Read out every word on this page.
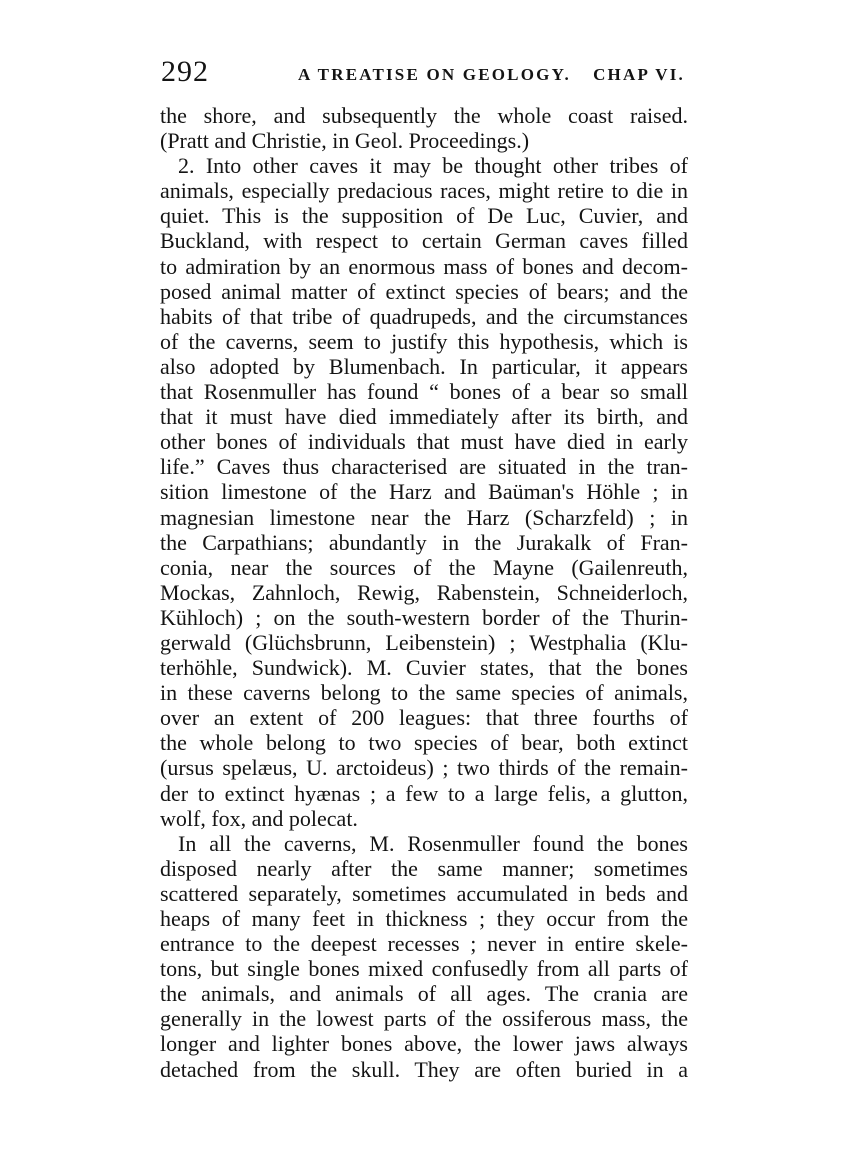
292	A TREATISE ON GEOLOGY. CHAP VI.
the shore, and subsequently the whole coast raised.
(Pratt and Christie, in Geol. Proceedings.)
2. Into other caves it may be thought other tribes of
animals, especially predacious races, might retire to die in
quiet. This is the supposition of De Luc, Cuvier, and
Buckland, with respect to certain German caves filled
to admiration by an enormous mass of bones and decom-
posed animal matter of extinct species of bears; and the
habits of that tribe of quadrupeds, and the circumstances
of the caverns, seem to justify this hypothesis, which is
also adopted by Blumenbach. In particular, it appears
that Rosenmuller has found “ bones of a bear so small
that it must have died immediately after its birth, and
other bones of individuals that must have died in early
life.” Caves thus characterised are situated in the tran-
sition limestone of the Harz and Baüman's Höhle ; in
magnesian limestone near the Harz (Scharzfeld) ; in
the Carpathians; abundantly in the Jurakalk of Fran-
conia, near the sources of the Mayne (Gailenreuth,
Mockas, Zahnloch, Rewig, Rabenstein, Schneiderloch,
Kühloch) ; on the south-western border of the Thurin-
gerwald (Glüchsbrunn, Leibenstein) ; Westphalia (Klu-
terhöhle, Sundwick). M. Cuvier states, that the bones
in these caverns belong to the same species of animals,
over an extent of 200 leagues: that three fourths of
the whole belong to two species of bear, both extinct
(ursus spelæus, U. arctoideus) ; two thirds of the remain-
der to extinct hyænas ; a few to a large felis, a glutton,
wolf, fox, and polecat.
In all the caverns, M. Rosenmuller found the bones
disposed nearly after the same manner; sometimes
scattered separately, sometimes accumulated in beds and
heaps of many feet in thickness ; they occur from the
entrance to the deepest recesses ; never in entire skele-
tons, but single bones mixed confusedly from all parts of
the animals, and animals of all ages. The crania are
generally in the lowest parts of the ossiferous mass, the
longer and lighter bones above, the lower jaws always
detached from the skull. They are often buried in a
